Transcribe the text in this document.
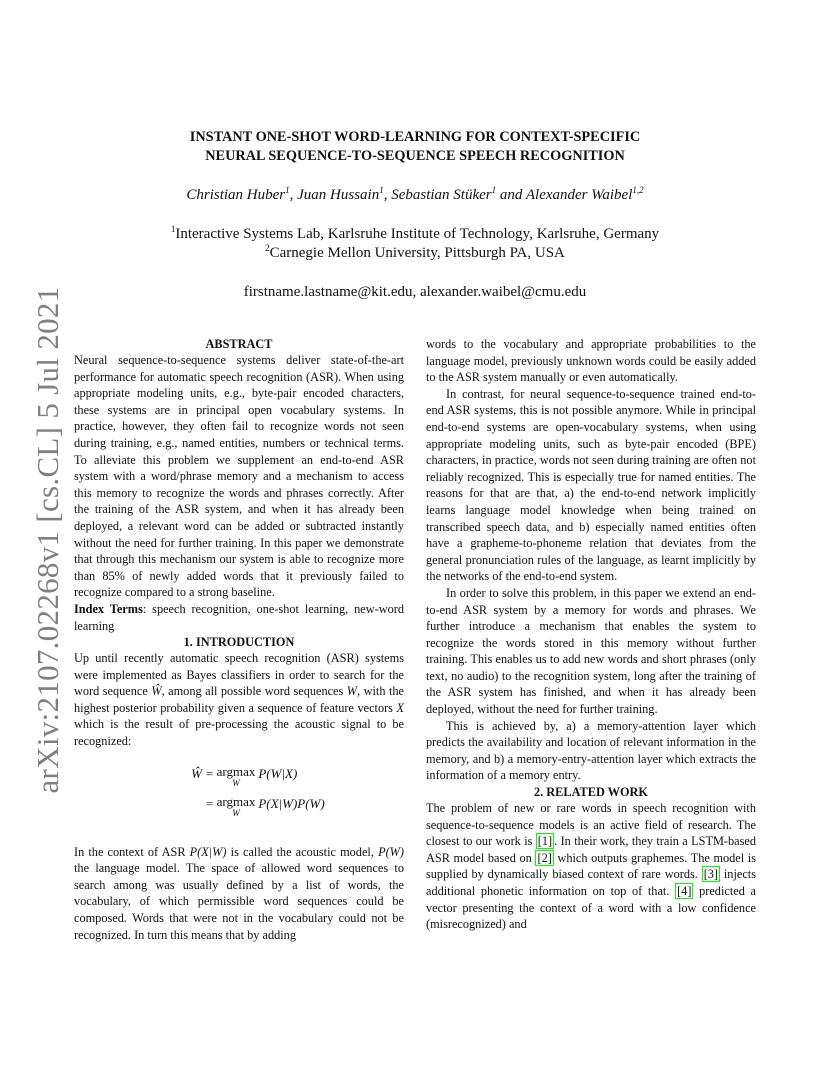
arXiv:2107.02268v1 [cs.CL] 5 Jul 2021
INSTANT ONE-SHOT WORD-LEARNING FOR CONTEXT-SPECIFIC
NEURAL SEQUENCE-TO-SEQUENCE SPEECH RECOGNITION
Christian Huber$^1$, Juan Hussain$^1$, Sebastian Stüker$^1$ and Alexander Waibel$^{1,2}$
$^1$Interactive Systems Lab, Karlsruhe Institute of Technology, Karlsruhe, Germany
$^2$Carnegie Mellon University, Pittsburgh PA, USA
firstname.lastname@kit.edu, alexander.waibel@cmu.edu

ABSTRACT

Neural sequence-to-sequence systems deliver state-of-the-art performance for automatic speech recognition (ASR). When using appropriate modeling units, e.g., byte-pair encoded characters, these systems are in principal open vocabulary systems. In practice, however, they often fail to recognize words not seen during training, e.g., named entities, numbers or technical terms. To alleviate this problem we supplement an end-to-end ASR system with a word/phrase memory and a mechanism to access this memory to recognize the words and phrases correctly. After the training of the ASR system, and when it has already been deployed, a relevant word can be added or subtracted instantly without the need for further training. In this paper we demonstrate that through this mechanism our system is able to recognize more than 85% of newly added words that it previously failed to recognize compared to a strong baseline.

Index Terms: speech recognition, one-shot learning, new-word learning

1. INTRODUCTION

Up until recently automatic speech recognition (ASR) systems were implemented as Bayes classifiers in order to search for the word sequence Ŵ, among all possible word sequences W, with the highest posterior probability given a sequence of feature vectors X which is the result of pre-processing the acoustic signal to be recognized:

Ŵ = argmax
W
P(W|X)
= argmax
W
P(X|W)P(W)

In the context of ASR P(X|W) is called the acoustic model, P(W) the language model. The space of allowed word sequences to search among was usually defined by a list of words, the vocabulary, of which permissible word sequences could be composed. Words that were not in the vocabulary could not be recognized. In turn this means that by adding

words to the vocabulary and appropriate probabilities to the language model, previously unknown words could be easily added to the ASR system manually or even automatically.

In contrast, for neural sequence-to-sequence trained end-to-end ASR systems, this is not possible anymore. While in principal end-to-end systems are open-vocabulary systems, when using appropriate modeling units, such as byte-pair encoded (BPE) characters, in practice, words not seen during training are often not reliably recognized. This is especially true for named entities. The reasons for that are that, a) the end-to-end network implicitly learns language model knowledge when being trained on transcribed speech data, and b) especially named entities often have a grapheme-to-phoneme relation that deviates from the general pronunciation rules of the language, as learnt implicitly by the networks of the end-to-end system.

In order to solve this problem, in this paper we extend an end-to-end ASR system by a memory for words and phrases. We further introduce a mechanism that enables the system to recognize the words stored in this memory without further training. This enables us to add new words and short phrases (only text, no audio) to the recognition system, long after the training of the ASR system has finished, and when it has already been deployed, without the need for further training.

This is achieved by, a) a memory-attention layer which predicts the availability and location of relevant information in the memory, and b) a memory-entry-attention layer which extracts the information of a memory entry.

2. RELATED WORK

The problem of new or rare words in speech recognition with sequence-to-sequence models is an active field of research. The closest to our work is [1] . In their work, they train a LSTM-based ASR model based on [2] which outputs graphemes. The model is supplied by dynamically biased context of rare words. [3] injects additional phonetic information on top of that. [4] predicted a vector presenting the context of a word with a low confidence (misrecognized) and
